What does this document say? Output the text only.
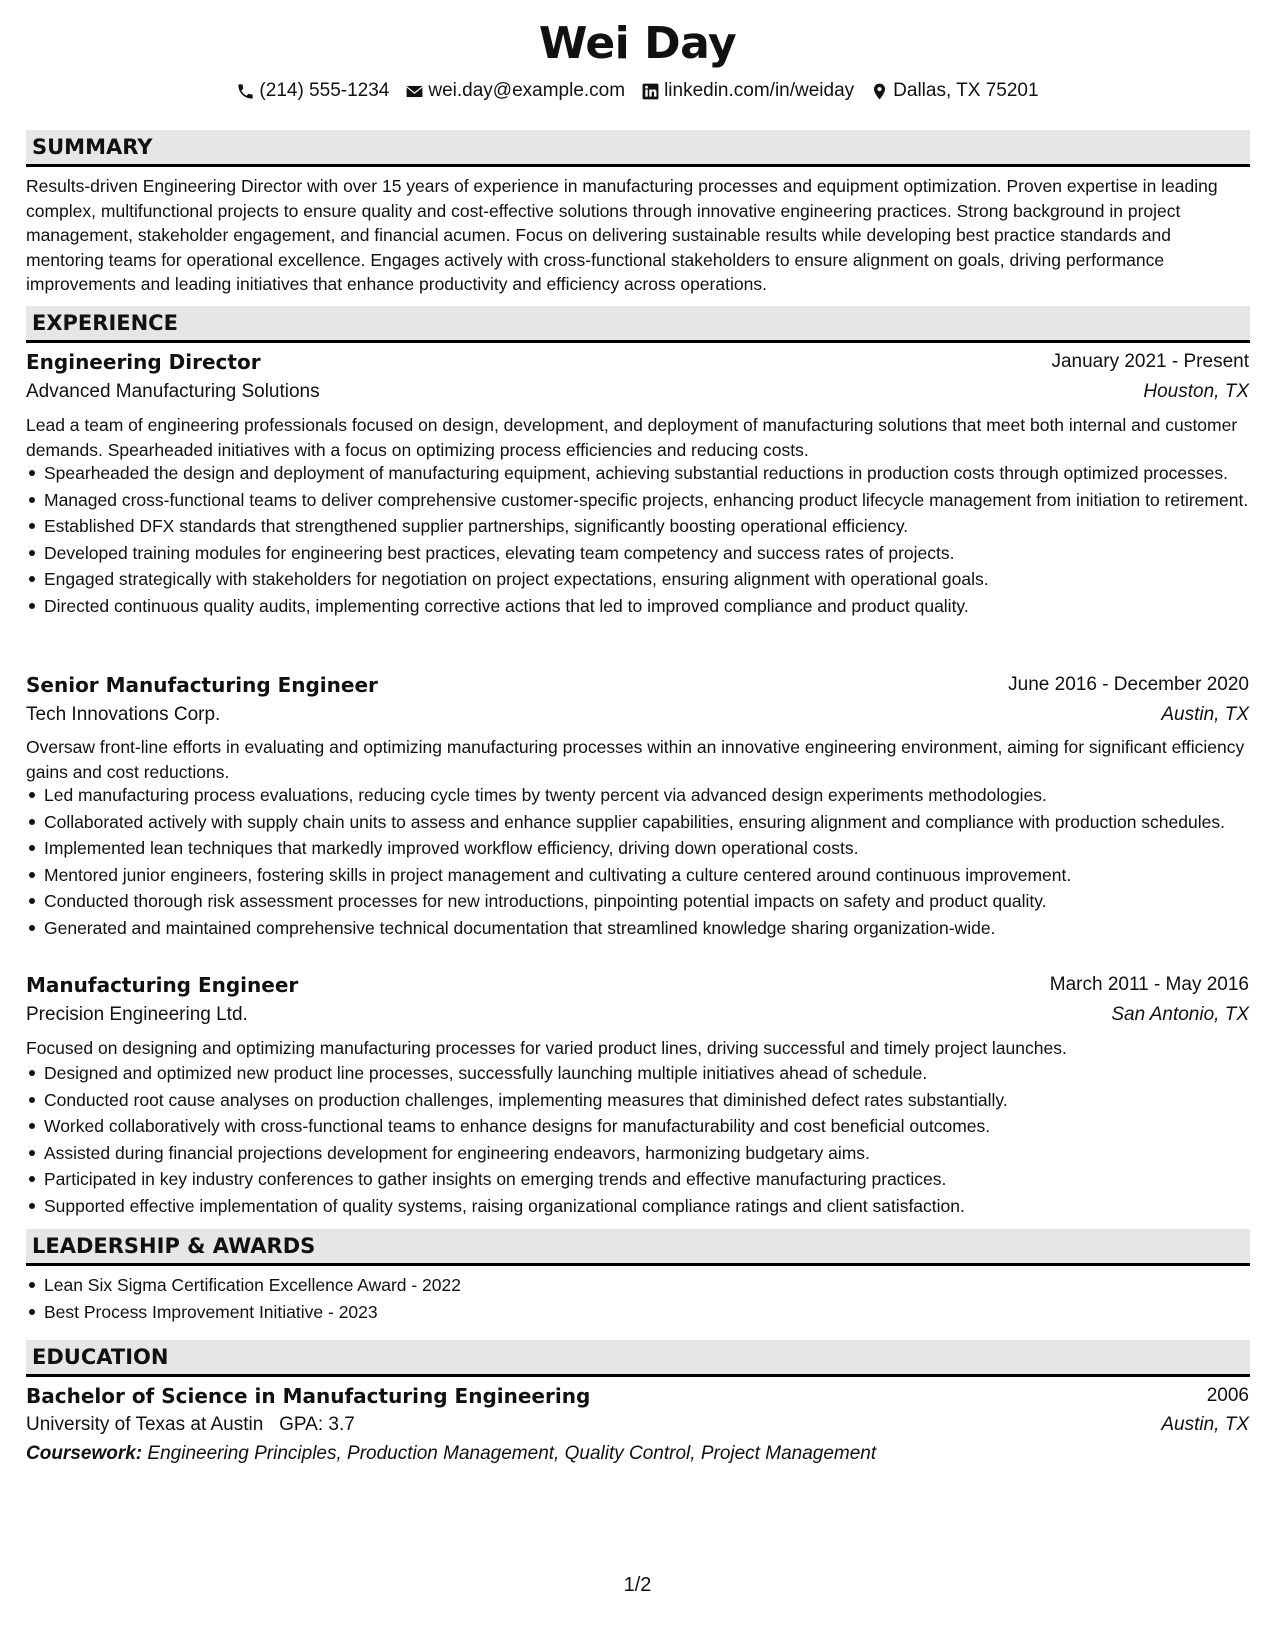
Wei Day
(214) 555-1234 wei.day@example.com linkedin.com/in/weiday Dallas, TX 75201
SUMMARY
Results-driven Engineering Director with over 15 years of experience in manufacturing processes and equipment optimization. Proven expertise in leading complex, multifunctional projects to ensure quality and cost-effective solutions through innovative engineering practices. Strong background in project management, stakeholder engagement, and financial acumen. Focus on delivering sustainable results while developing best practice standards and mentoring teams for operational excellence. Engages actively with cross-functional stakeholders to ensure alignment on goals, driving performance improvements and leading initiatives that enhance productivity and efficiency across operations.
EXPERIENCE
Engineering Director	January 2021 - Present
Advanced Manufacturing Solutions	Houston, TX
Lead a team of engineering professionals focused on design, development, and deployment of manufacturing solutions that meet both internal and customer demands. Spearheaded initiatives with a focus on optimizing process efficiencies and reducing costs.
Spearheaded the design and deployment of manufacturing equipment, achieving substantial reductions in production costs through optimized processes.
Managed cross-functional teams to deliver comprehensive customer-specific projects, enhancing product lifecycle management from initiation to retirement.
Established DFX standards that strengthened supplier partnerships, significantly boosting operational efficiency.
Developed training modules for engineering best practices, elevating team competency and success rates of projects.
Engaged strategically with stakeholders for negotiation on project expectations, ensuring alignment with operational goals.
Directed continuous quality audits, implementing corrective actions that led to improved compliance and product quality.
Senior Manufacturing Engineer	June 2016 - December 2020
Tech Innovations Corp.	Austin, TX
Oversaw front-line efforts in evaluating and optimizing manufacturing processes within an innovative engineering environment, aiming for significant efficiency gains and cost reductions.
Led manufacturing process evaluations, reducing cycle times by twenty percent via advanced design experiments methodologies.
Collaborated actively with supply chain units to assess and enhance supplier capabilities, ensuring alignment and compliance with production schedules.
Implemented lean techniques that markedly improved workflow efficiency, driving down operational costs.
Mentored junior engineers, fostering skills in project management and cultivating a culture centered around continuous improvement.
Conducted thorough risk assessment processes for new introductions, pinpointing potential impacts on safety and product quality.
Generated and maintained comprehensive technical documentation that streamlined knowledge sharing organization-wide.
Manufacturing Engineer	March 2011 - May 2016
Precision Engineering Ltd.	San Antonio, TX
Focused on designing and optimizing manufacturing processes for varied product lines, driving successful and timely project launches.
Designed and optimized new product line processes, successfully launching multiple initiatives ahead of schedule.
Conducted root cause analyses on production challenges, implementing measures that diminished defect rates substantially.
Worked collaboratively with cross-functional teams to enhance designs for manufacturability and cost beneficial outcomes.
Assisted during financial projections development for engineering endeavors, harmonizing budgetary aims.
Participated in key industry conferences to gather insights on emerging trends and effective manufacturing practices.
Supported effective implementation of quality systems, raising organizational compliance ratings and client satisfaction.
LEADERSHIP & AWARDS
Lean Six Sigma Certification Excellence Award - 2022
Best Process Improvement Initiative - 2023
EDUCATION
Bachelor of Science in Manufacturing Engineering	2006
University of Texas at Austin GPA: 3.7	Austin, TX
Coursework: Engineering Principles, Production Management, Quality Control, Project Management
1/2
